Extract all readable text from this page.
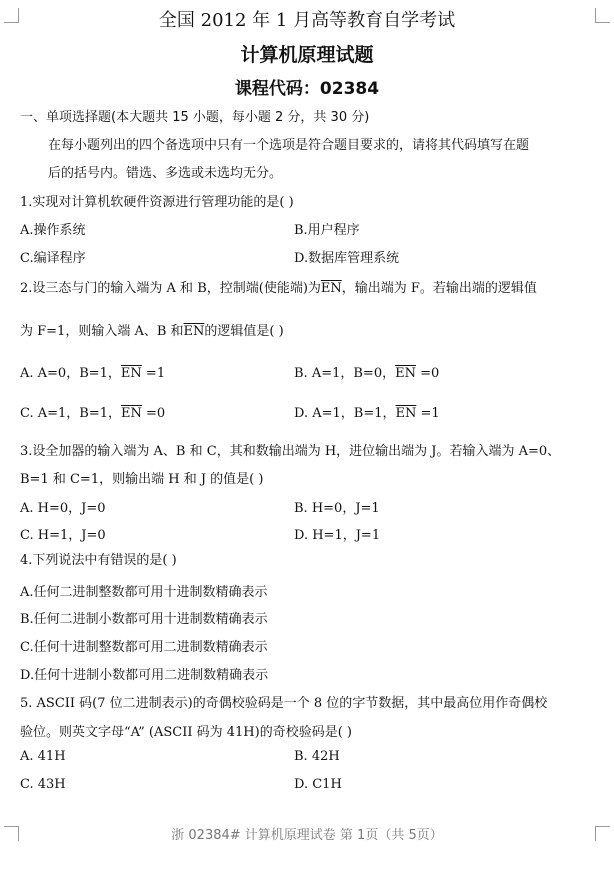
全国 2012 年 1 月高等教育自学考试
计算机原理试题
课程代码：02384
一、单项选择题(本大题共 15 小题，每小题 2 分，共 30 分)
在每小题列出的四个备选项中只有一个选项是符合题目要求的，请将其代码填写在题
后的括号内。错选、多选或未选均无分。
1.实现对计算机软硬件资源进行管理功能的是( )
A.操作系统	B.用户程序
C.编译程序	D.数据库管理系统
2.设三态与门的输入端为 A 和 B，控制端(使能端)为$\overline{EN}$，输出端为 F。若输出端的逻辑值
为 F=1，则输入端 A、B 和$\overline{EN}$的逻辑值是( )
A. A=0，B=1，$\overline{EN} =1$	B. A=1，B=0，$\overline{EN} =0$
C. A=1，B=1，$\overline{EN} =0$	D. A=1，B=1，$\overline{EN} =1$
3.设全加器的输入端为 A、B 和 C，其和数输出端为 H，进位输出端为 J。若输入端为 A=0、
B=1 和 C=1，则输出端 H 和 J 的值是( )
A. H=0，J=0	B. H=0，J=1
C. H=1，J=0	D. H=1，J=1
4.下列说法中有错误的是( )
A.任何二进制整数都可用十进制数精确表示
B.任何二进制小数都可用十进制数精确表示
C.任何十进制整数都可用二进制数精确表示
D.任何十进制小数都可用二进制数精确表示
5. ASCII 码(7 位二进制表示)的奇偶校验码是一个 8 位的字节数据，其中最高位用作奇偶校
验位。则英文字母“A” (ASCII 码为 41H)的奇校验码是( )
A. 41H	B. 42H
C. 43H	D. C1H
浙 02384# 计算机原理试卷 第 1页（共 5页）
